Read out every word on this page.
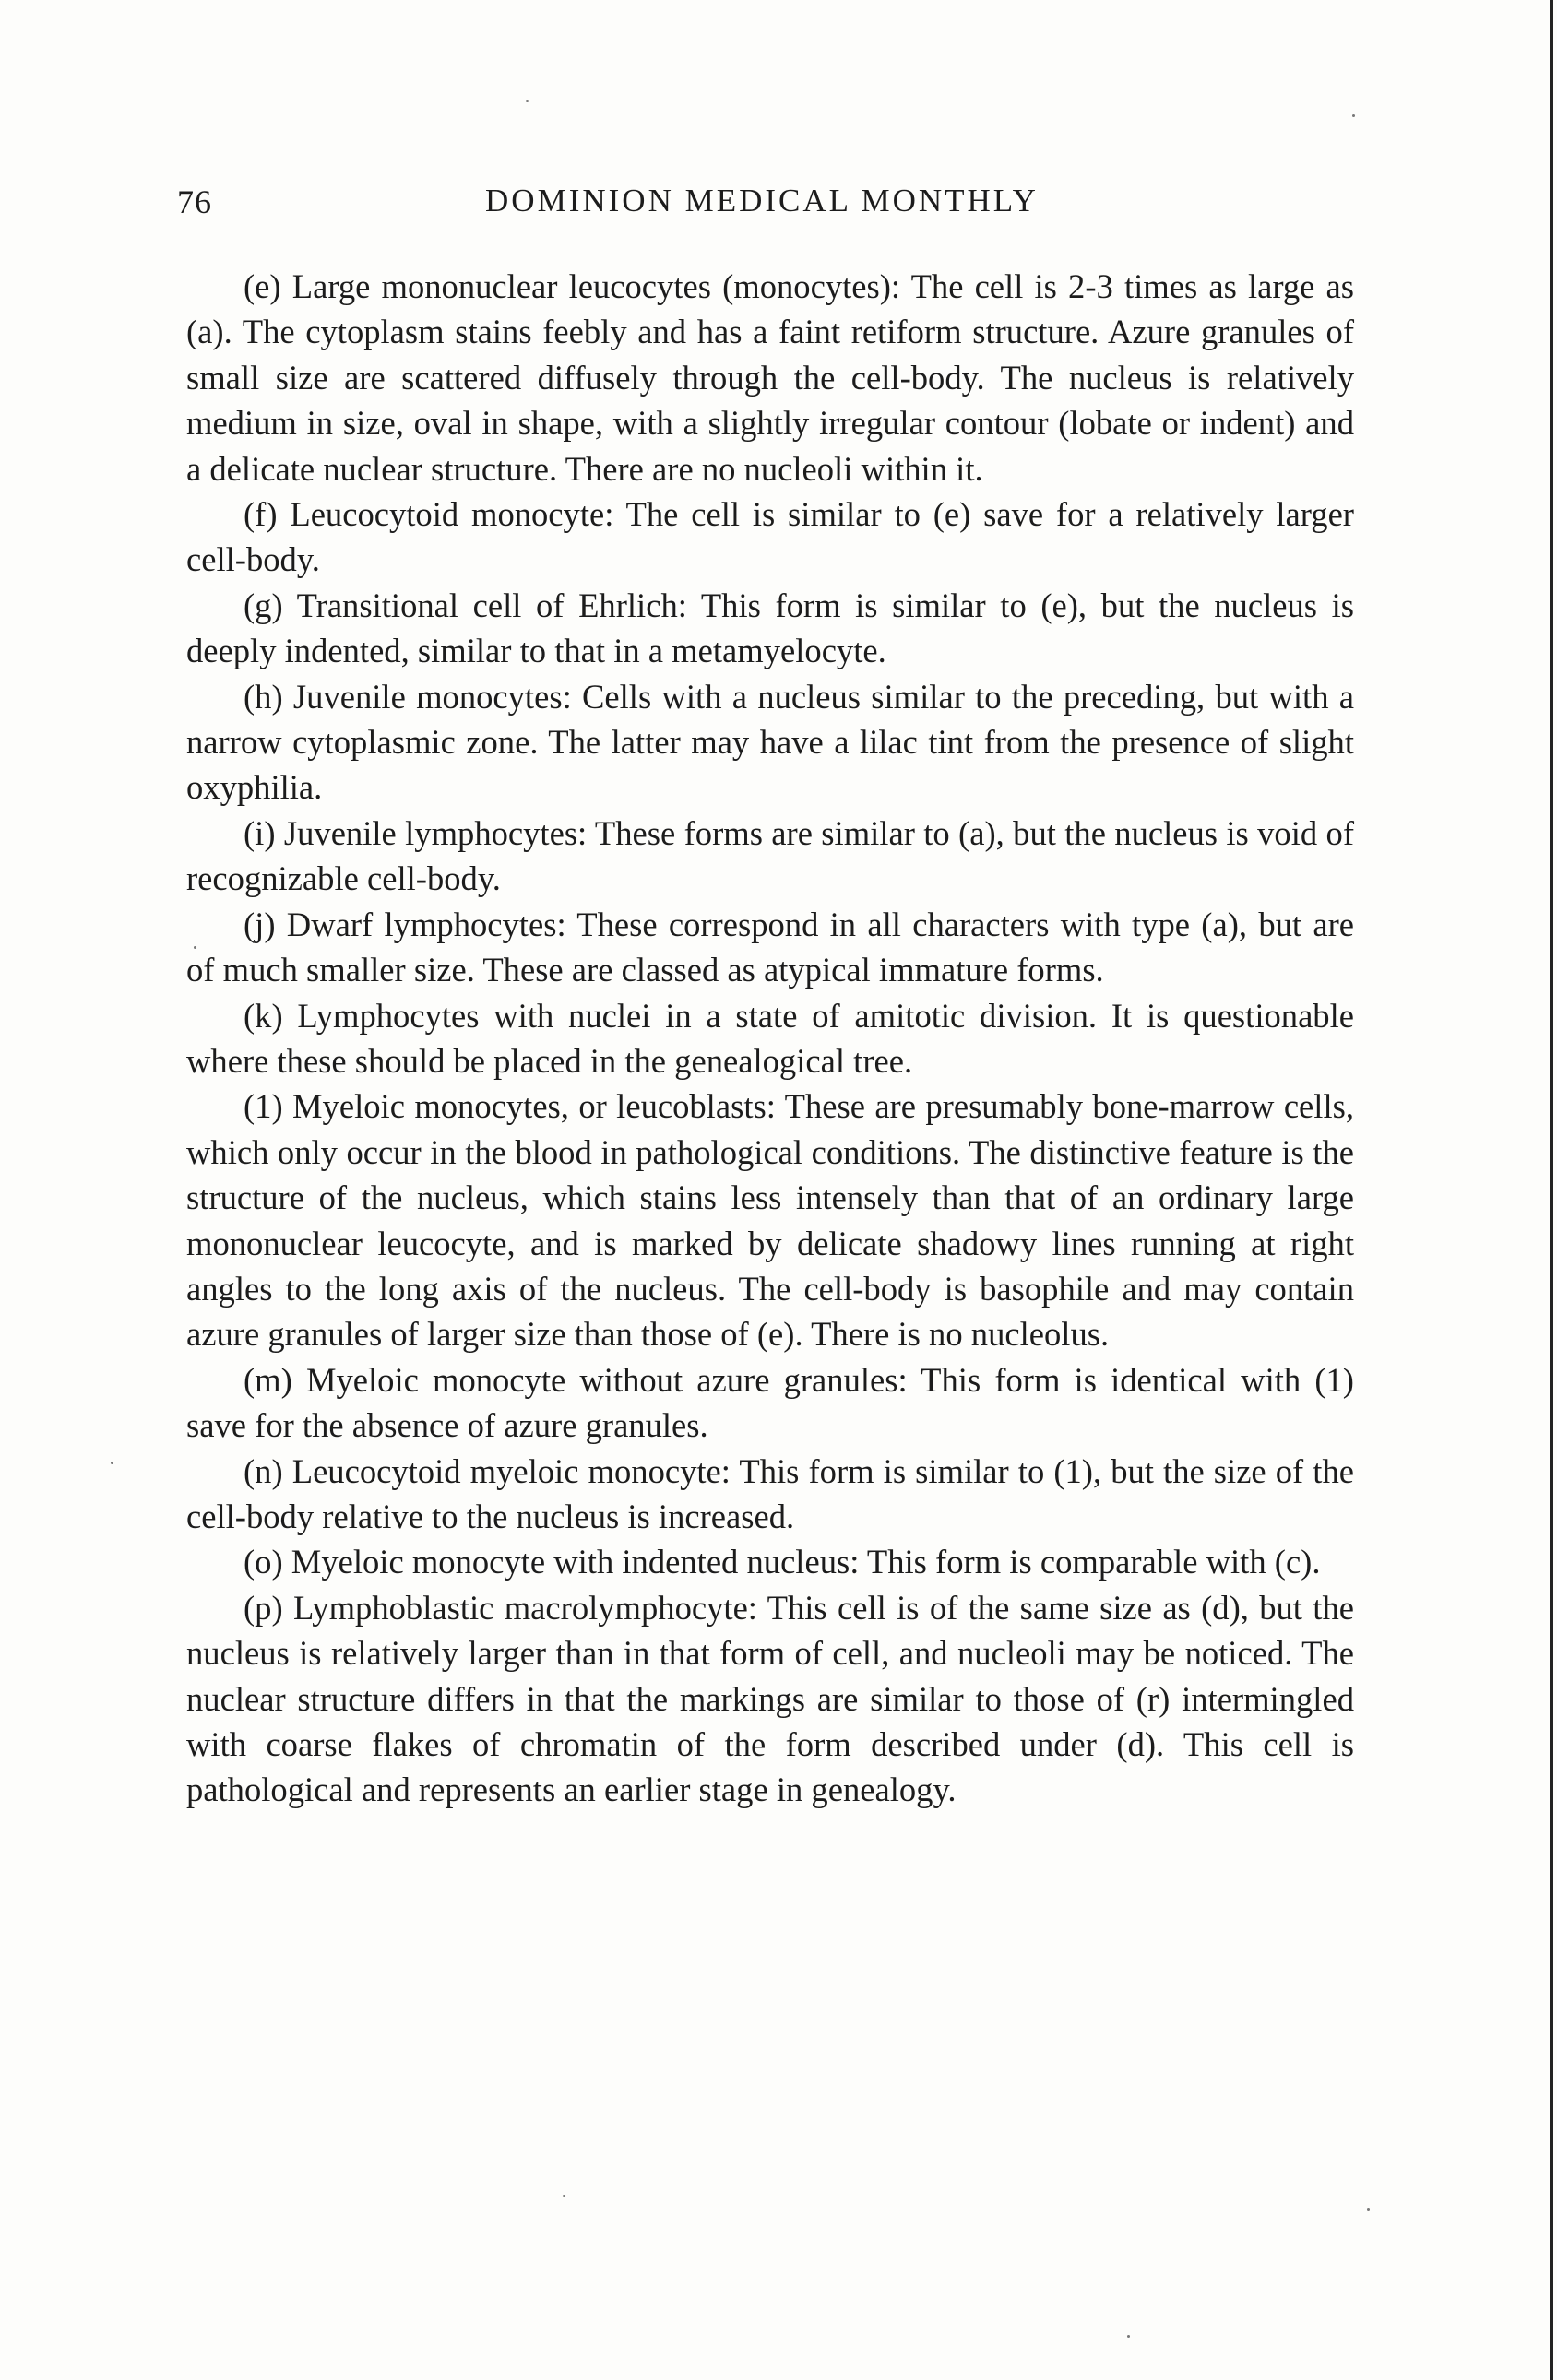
76	DOMINION MEDICAL MONTHLY

(e) Large mononuclear leucocytes (monocytes): The cell is 2-3 times as large as (a). The cytoplasm stains feebly and has a faint retiform structure. Azure granules of small size are scattered diffusely through the cell-body. The nucleus is relatively medium in size, oval in shape, with a slightly irregular contour (lobate or indent) and a delicate nuclear structure. There are no nucleoli within it.

(f) Leucocytoid monocyte: The cell is similar to (e) save for a relatively larger cell-body.

(g) Transitional cell of Ehrlich: This form is similar to (e), but the nucleus is deeply indented, similar to that in a metamyelocyte.

(h) Juvenile monocytes: Cells with a nucleus similar to the preceding, but with a narrow cytoplasmic zone. The latter may have a lilac tint from the presence of slight oxyphilia.

(i) Juvenile lymphocytes: These forms are similar to (a), but the nucleus is void of recognizable cell-body.

(j) Dwarf lymphocytes: These correspond in all characters with type (a), but are of much smaller size. These are classed as atypical immature forms.

(k) Lymphocytes with nuclei in a state of amitotic division. It is questionable where these should be placed in the genealogical tree.

(1) Myeloic monocytes, or leucoblasts: These are presumably bone-marrow cells, which only occur in the blood in pathological conditions. The distinctive feature is the structure of the nucleus, which stains less intensely than that of an ordinary large mononuclear leucocyte, and is marked by delicate shadowy lines running at right angles to the long axis of the nucleus. The cell-body is basophile and may contain azure granules of larger size than those of (e). There is no nucleolus.

(m) Myeloic monocyte without azure granules: This form is identical with (1) save for the absence of azure granules.

(n) Leucocytoid myeloic monocyte: This form is similar to (1), but the size of the cell-body relative to the nucleus is increased.

(o) Myeloic monocyte with indented nucleus: This form is comparable with (c).

(p) Lymphoblastic macrolymphocyte: This cell is of the same size as (d), but the nucleus is relatively larger than in that form of cell, and nucleoli may be noticed. The nuclear structure differs in that the markings are similar to those of (r) intermingled with coarse flakes of chromatin of the form described under (d). This cell is pathological and represents an earlier stage in genealogy.
